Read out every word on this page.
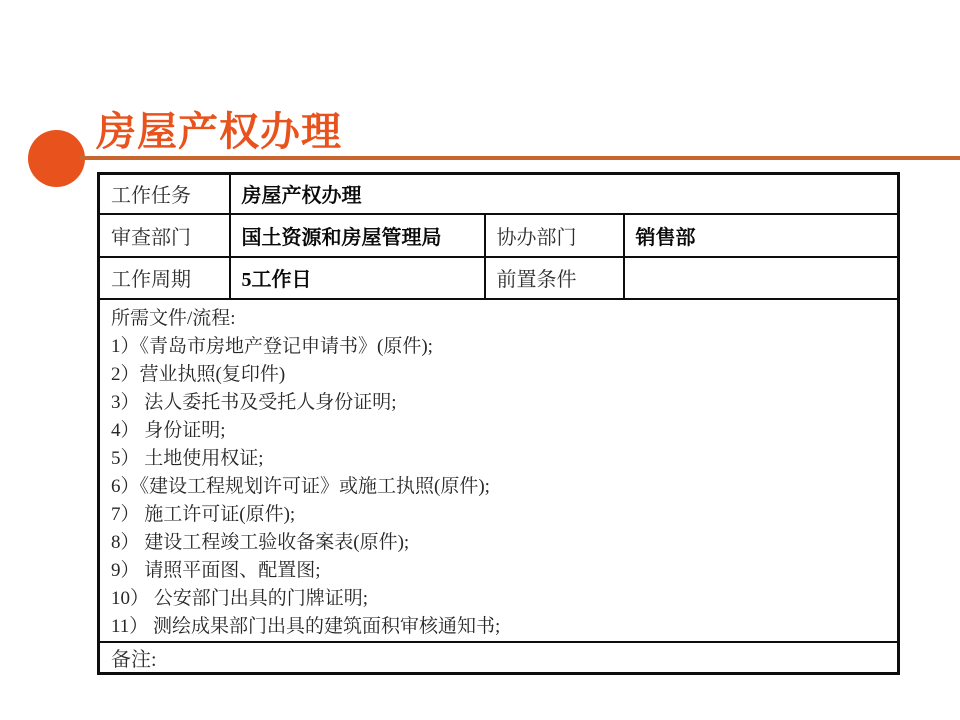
房屋产权办理
工作任务	房屋产权办理		
审查部门	国土资源和房屋管理局	协办部门	销售部
工作周期	5工作日	前置条件	

所需文件/流程:
1）《青岛市房地产登记申请书》(原件);
2）营业执照(复印件)
3） 法人委托书及受托人身份证明;
4） 身份证明;
5） 土地使用权证;
6）《建设工程规划许可证》或施工执照(原件);
7） 施工许可证(原件);
8） 建设工程竣工验收备案表(原件);
9） 请照平面图、配置图;
10） 公安部门出具的门牌证明;
11） 测绘成果部门出具的建筑面积审核通知书;

备注:			
